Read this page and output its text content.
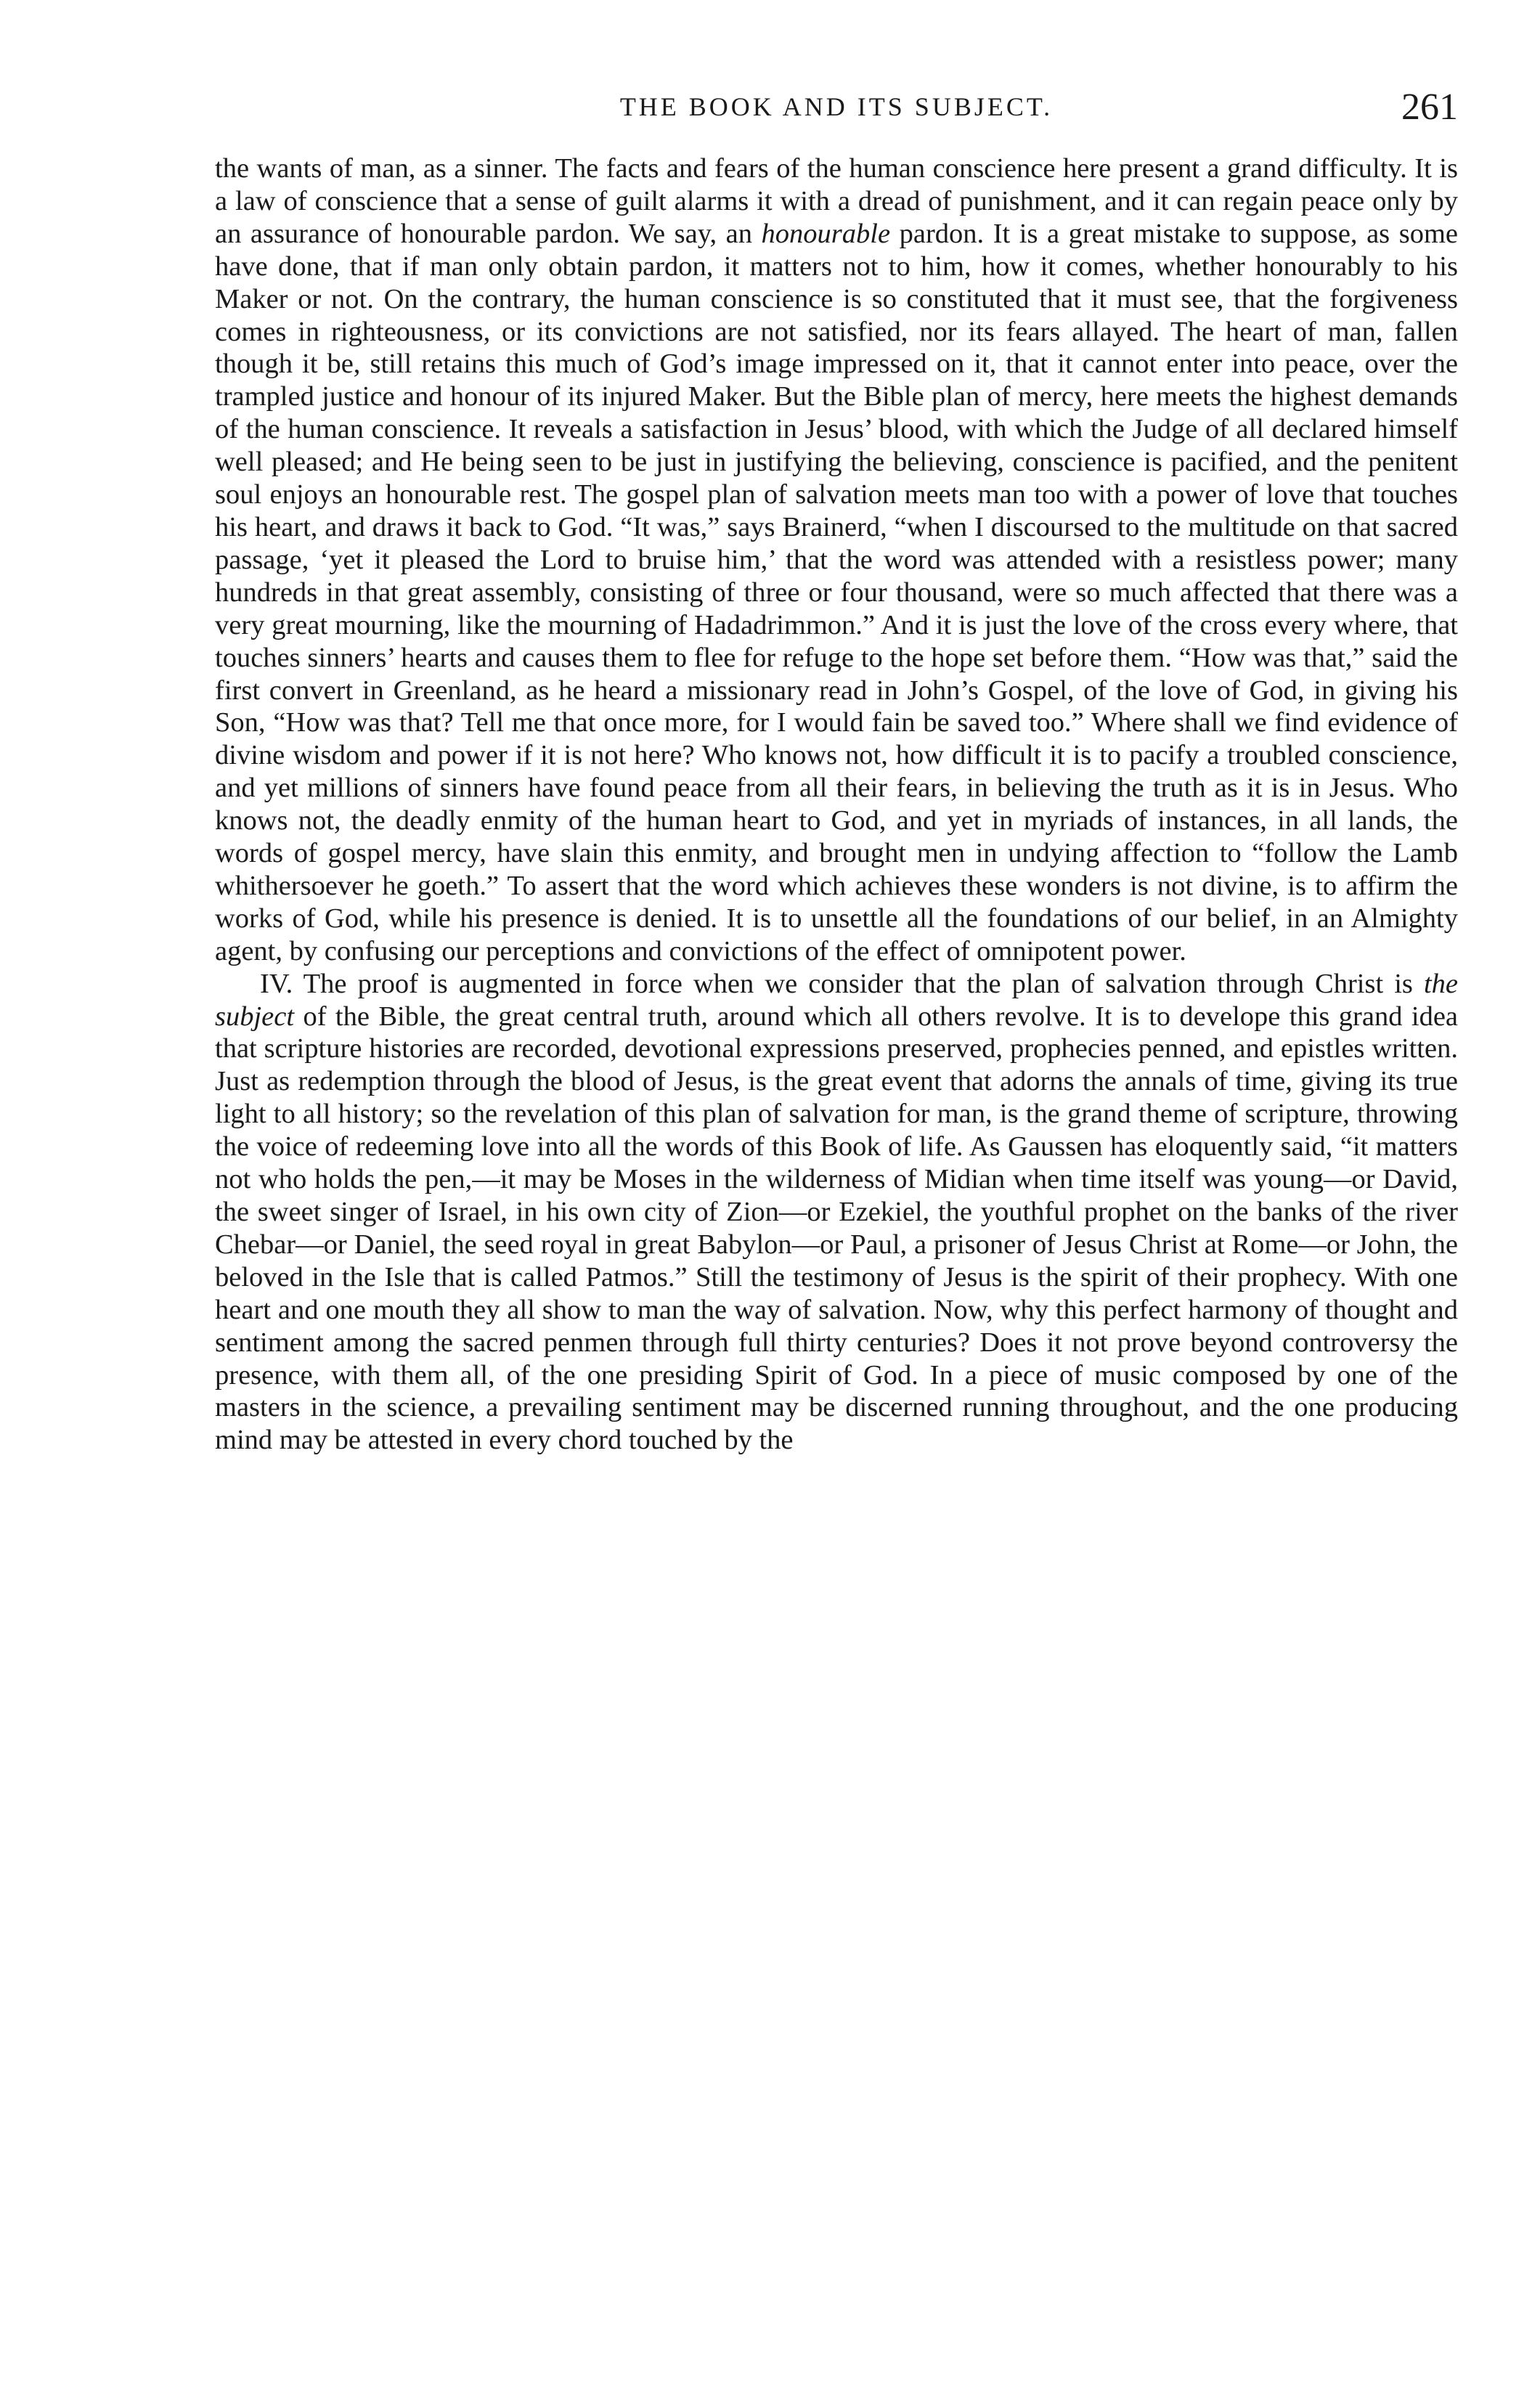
THE BOOK AND ITS SUBJECT.	261

the wants of man, as a sinner. The facts and fears of the human conscience here present a grand difficulty. It is a law of conscience that a sense of guilt alarms it with a dread of punishment, and it can regain peace only by an assurance of honourable pardon. We say, an honourable pardon. It is a great mistake to suppose, as some have done, that if man only obtain pardon, it matters not to him, how it comes, whether honourably to his Maker or not. On the contrary, the human conscience is so constituted that it must see, that the forgiveness comes in righteousness, or its convictions are not satisfied, nor its fears allayed. The heart of man, fallen though it be, still retains this much of God’s image impressed on it, that it cannot enter into peace, over the trampled justice and honour of its injured Maker. But the Bible plan of mercy, here meets the highest demands of the human conscience. It reveals a satisfaction in Jesus’ blood, with which the Judge of all declared himself well pleased; and He being seen to be just in justifying the believing, conscience is pacified, and the penitent soul enjoys an honourable rest. The gospel plan of salvation meets man too with a power of love that touches his heart, and draws it back to God. “It was,” says Brainerd, “when I discoursed to the multitude on that sacred passage, ‘yet it pleased the Lord to bruise him,’ that the word was attended with a resistless power; many hundreds in that great assembly, consisting of three or four thousand, were so much affected that there was a very great mourning, like the mourning of Hadadrimmon.” And it is just the love of the cross every where, that touches sinners’ hearts and causes them to flee for refuge to the hope set before them. “How was that,” said the first convert in Greenland, as he heard a missionary read in John’s Gospel, of the love of God, in giving his Son, “How was that? Tell me that once more, for I would fain be saved too.” Where shall we find evidence of divine wisdom and power if it is not here? Who knows not, how difficult it is to pacify a troubled conscience, and yet millions of sinners have found peace from all their fears, in believing the truth as it is in Jesus. Who knows not, the deadly enmity of the human heart to God, and yet in myriads of instances, in all lands, the words of gospel mercy, have slain this enmity, and brought men in undying affection to “follow the Lamb whithersoever he goeth.” To assert that the word which achieves these wonders is not divine, is to affirm the works of God, while his presence is denied. It is to unsettle all the foundations of our belief, in an Almighty agent, by confusing our perceptions and convictions of the effect of omnipotent power.

IV. The proof is augmented in force when we consider that the plan of salvation through Christ is the subject of the Bible, the great central truth, around which all others revolve. It is to develope this grand idea that scripture histories are recorded, devotional expressions preserved, prophecies penned, and epistles written. Just as redemption through the blood of Jesus, is the great event that adorns the annals of time, giving its true light to all history; so the revelation of this plan of salvation for man, is the grand theme of scripture, throwing the voice of redeeming love into all the words of this Book of life. As Gaussen has eloquently said, “it matters not who holds the pen,—it may be Moses in the wilderness of Midian when time itself was young—or David, the sweet singer of Israel, in his own city of Zion—or Ezekiel, the youthful prophet on the banks of the river Chebar—or Daniel, the seed royal in great Babylon—or Paul, a prisoner of Jesus Christ at Rome—or John, the beloved in the Isle that is called Patmos.” Still the testimony of Jesus is the spirit of their prophecy. With one heart and one mouth they all show to man the way of salvation. Now, why this perfect harmony of thought and sentiment among the sacred penmen through full thirty centuries? Does it not prove beyond controversy the presence, with them all, of the one presiding Spirit of God. In a piece of music composed by one of the masters in the science, a prevailing sentiment may be discerned running throughout, and the one producing mind may be attested in every chord touched by the
